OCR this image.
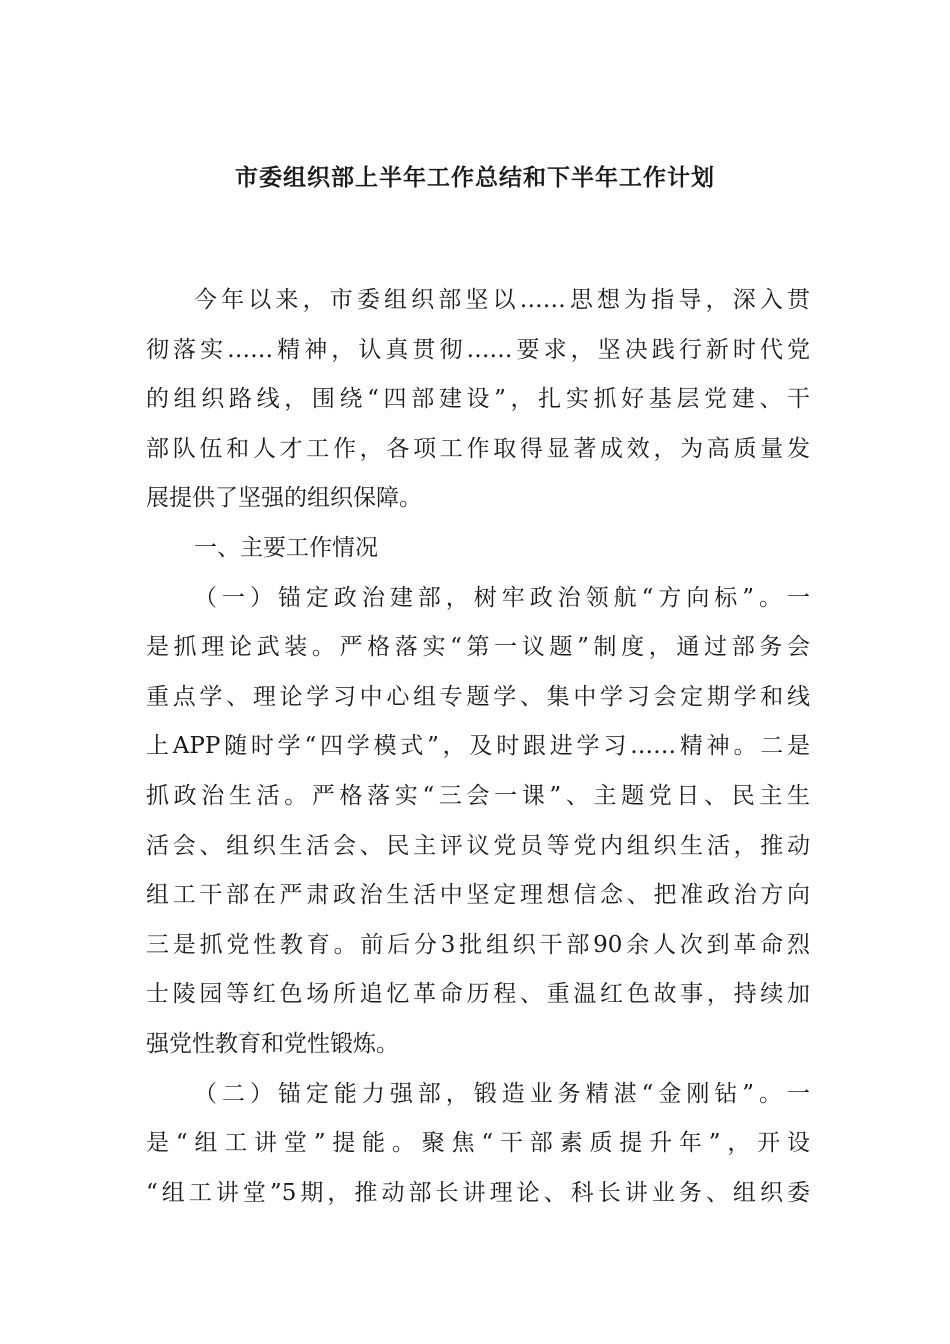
市委组织部上半年工作总结和下半年工作计划
今年以来，市委组织部坚以……思想为指导，深入贯
彻落实……精神，认真贯彻……要求，坚决践行新时代党
的组织路线，围绕“四部建设”，扎实抓好基层党建、干
部队伍和人才工作，各项工作取得显著成效，为高质量发
展提供了坚强的组织保障。
一、主要工作情况
（一）锚定政治建部，树牢政治领航“方向标”。一
是抓理论武装。严格落实“第一议题”制度，通过部务会
重点学、理论学习中心组专题学、集中学习会定期学和线
上APP随时学“四学模式”，及时跟进学习……精神。二是
抓政治生活。严格落实“三会一课”、主题党日、民主生
活会、组织生活会、民主评议党员等党内组织生活，推动
组工干部在严肃政治生活中坚定理想信念、把准政治方向
三是抓党性教育。前后分3批组织干部90余人次到革命烈
士陵园等红色场所追忆革命历程、重温红色故事，持续加
强党性教育和党性锻炼。
（二）锚定能力强部，锻造业务精湛“金刚钻”。一
是“组工讲堂”提能。聚焦“干部素质提升年”，开设
“组工讲堂”5期，推动部长讲理论、科长讲业务、组织委
